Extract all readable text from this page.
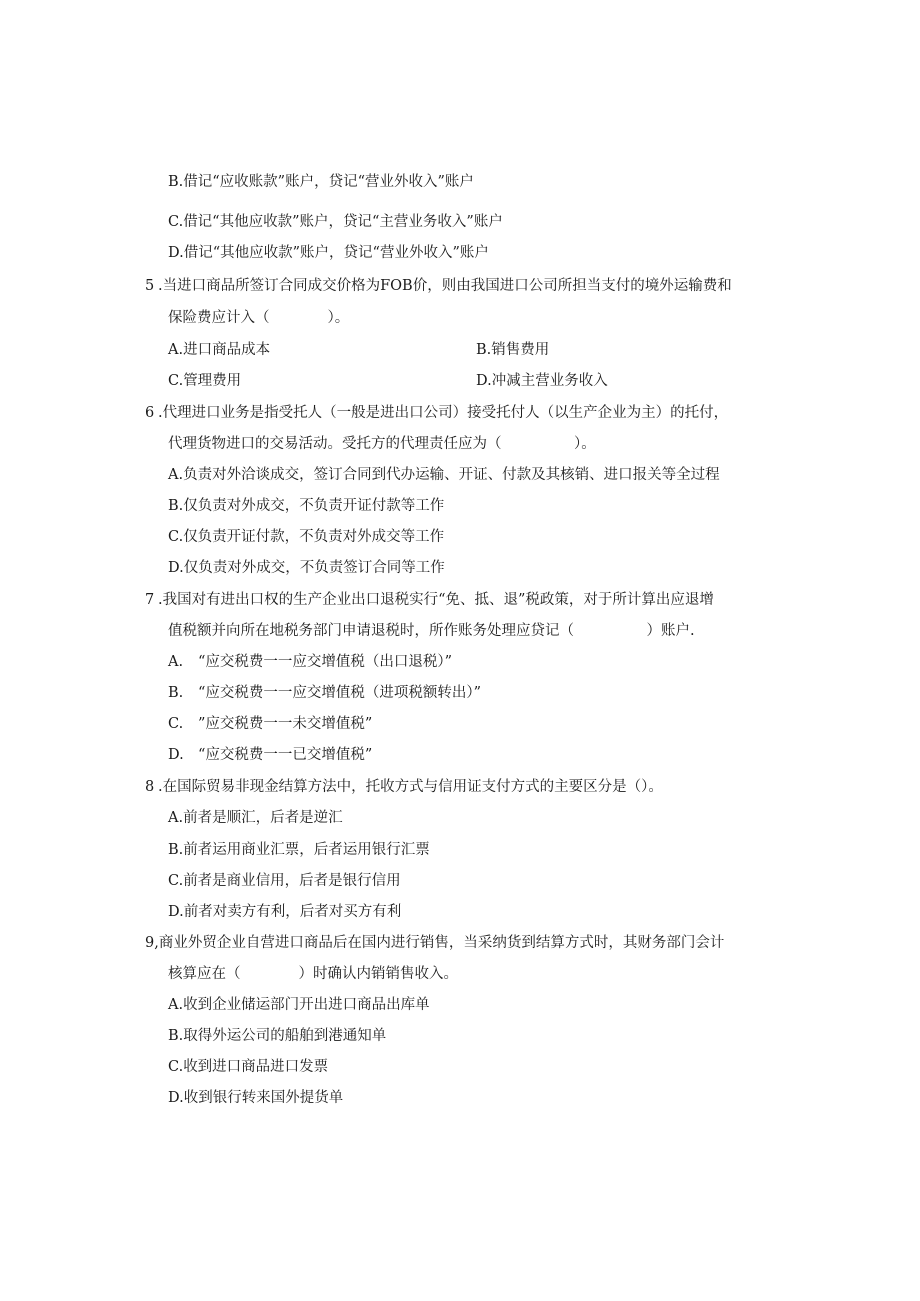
B.借记“应收账款”账户，贷记“营业外收入”账户
C.借记“其他应收款”账户，贷记“主营业务收入”账户
D.借记“其他应收款”账户，贷记“营业外收入”账户
5 .当进口商品所签订合同成交价格为FOB价，则由我国进口公司所担当支付的境外运输费和
保险费应计入（　　　　）。
A.进口商品成本	B.销售费用
C.管理费用	D.冲减主营业务收入
6 .代理进口业务是指受托人（一般是进出口公司）接受托付人（以生产企业为主）的托付，
代理货物进口的交易活动。受托方的代理责任应为（　　　　　）。
A.负责对外洽谈成交，签订合同到代办运输、开证、付款及其核销、进口报关等全过程
B.仅负责对外成交，不负责开证付款等工作
C.仅负责开证付款，不负责对外成交等工作
D.仅负责对外成交，不负责签订合同等工作
7 .我国对有进出口权的生产企业出口退税实行“免、抵、退”税政策，对于所计算出应退增
值税额并向所在地税务部门申请退税时，所作账务处理应贷记（　　　　　）账户.
A. “应交税费一一应交增值税（出口退税）”
B. “应交税费一一应交增值税（进项税额转出）”
C. ”应交税费一一未交增值税”
D. “应交税费一一已交增值税”
8 .在国际贸易非现金结算方法中，托收方式与信用证支付方式的主要区分是（）。
A.前者是顺汇，后者是逆汇
B.前者运用商业汇票，后者运用银行汇票
C.前者是商业信用，后者是银行信用
D.前者对卖方有利，后者对买方有利
9,商业外贸企业自营进口商品后在国内进行销售，当采纳货到结算方式时，其财务部门会计
核算应在（　　　　）时确认内销销售收入。
A.收到企业储运部门开出进口商品出库单
B.取得外运公司的船舶到港通知单
C.收到进口商品进口发票
D.收到银行转来国外提货单
